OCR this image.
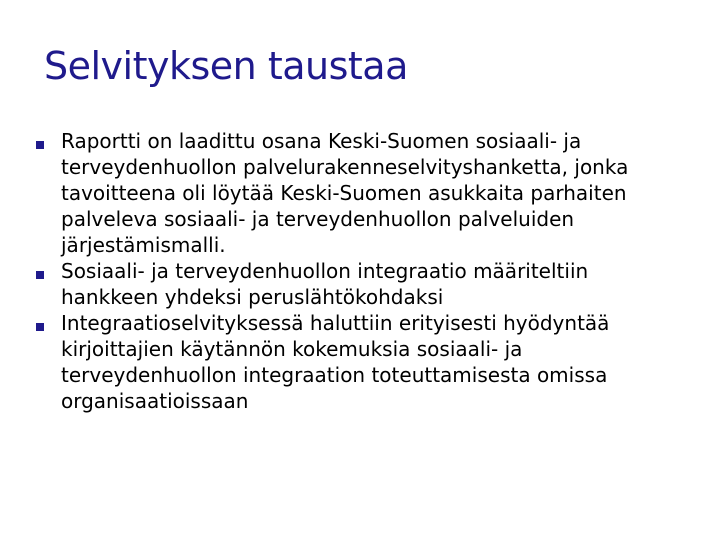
Selvityksen taustaa
Raportti on laadittu osana Keski-Suomen sosiaali- ja
terveydenhuollon palvelurakenneselvityshanketta, jonka
tavoitteena oli löytää Keski-Suomen asukkaita parhaiten
palveleva sosiaali- ja terveydenhuollon palveluiden
järjestämismalli.
Sosiaali- ja terveydenhuollon integraatio määriteltiin
hankkeen yhdeksi peruslähtökohdaksi
Integraatioselvityksessä haluttiin erityisesti hyödyntää
kirjoittajien käytännön kokemuksia sosiaali- ja
terveydenhuollon integraation toteuttamisesta omissa
organisaatioissaan
